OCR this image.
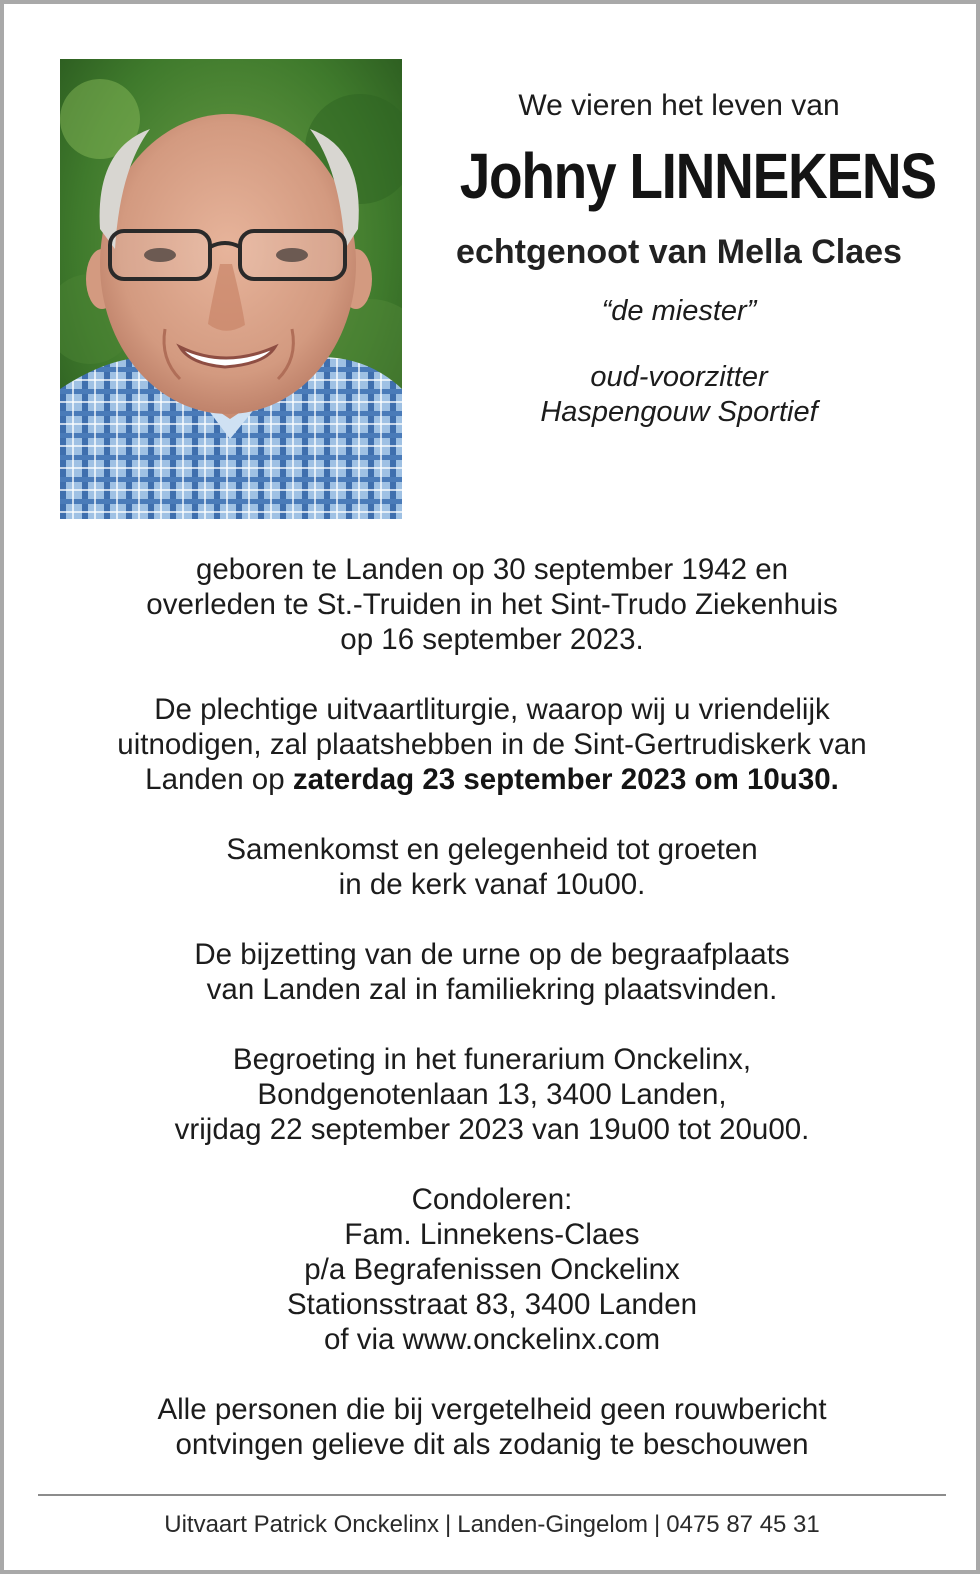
We vieren het leven van
Johny LINNEKENS
echtgenoot van Mella Claes
“de miester”
oud-voorzitter
Haspengouw Sportief

geboren te Landen op 30 september 1942 en
overleden te St.-Truiden in het Sint-Trudo Ziekenhuis
op 16 september 2023.

De plechtige uitvaartliturgie, waarop wij u vriendelijk
uitnodigen, zal plaatshebben in de Sint-Gertrudiskerk van
Landen op zaterdag 23 september 2023 om 10u30.

Samenkomst en gelegenheid tot groeten
in de kerk vanaf 10u00.

De bijzetting van de urne op de begraafplaats
van Landen zal in familiekring plaatsvinden.

Begroeting in het funerarium Onckelinx,
Bondgenotenlaan 13, 3400 Landen,
vrijdag 22 september 2023 van 19u00 tot 20u00.

Condoleren:
Fam. Linnekens-Claes
p/a Begrafenissen Onckelinx
Stationsstraat 83, 3400 Landen
of via www.onckelinx.com

Alle personen die bij vergetelheid geen rouwbericht
ontvingen gelieve dit als zodanig te beschouwen

Uitvaart Patrick Onckelinx | Landen-Gingelom | 0475 87 45 31
